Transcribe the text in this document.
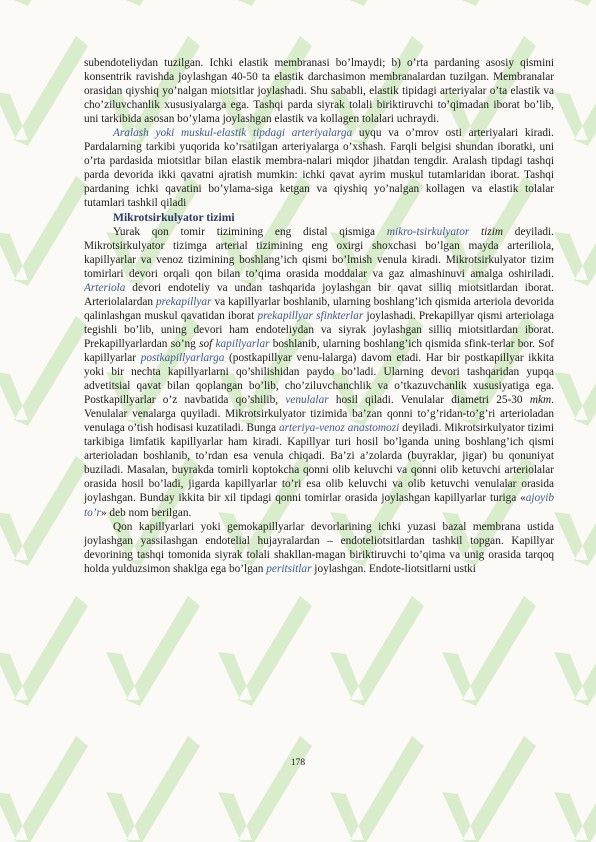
subendoteliydan tuzilgan. Ichki elastik membranasi bo’lmaydi; b) o’rta pardaning asosiy qismini konsentrik ravishda joylashgan 40-50 ta elastik darchasimon membranalardan tuzilgan. Membranalar orasidan qiyshiq yo’nalgan miotsitlar joylashadi. Shu sababli, elastik tipidagi arteriyalar o’ta elastik va cho’ziluvchanlik xususiyalarga ega. Tashqi parda siyrak tolali biriktiruvchi to’qimadan iborat bo’lib, uni tarkibida asosan bo’ylama joylashgan elastik va kollagen tolalari uchraydi.

Aralash yoki muskul-elastik tipdagi arteriyalarga uyqu va o’mrov osti arteriyalari kiradi. Pardalarning tarkibi yuqorida ko’rsatilgan arteriyalarga o’xshash. Farqli belgisi shundan iboratki, uni o’rta pardasida miotsitlar bilan elastik membra-nalari miqdor jihatdan tengdir. Aralash tipdagi tashqi parda devorida ikki qavatni ajratish mumkin: ichki qavat ayrim muskul tutamlaridan iborat. Tashqi pardaning ichki qavatini bo’ylama-siga ketgan va qiyshiq yo’nalgan kollagen va elastik tolalar tutamlari tashkil qiladi

Mikrotsirkulyator tizimi

Yurak qon tomir tizimining eng distal qismiga mikro-tsirkulyator tizim deyiladi. Mikrotsirkulyator tizimga arterial tizimining eng oxirgi shoxchasi bo’lgan mayda arteriliola, kapillyarlar va venoz tizimining boshlang’ich qismi bo’lmish venula kiradi. Mikrotsirkulyator tizim tomirlari devori orqali qon bilan to’qima orasida moddalar va gaz almashinuvi amalga oshiriladi. Arteriola devori endoteliy va undan tashqarida joylashgan bir qavat silliq miotsitlardan iborat. Arteriolalardan prekapillyar va kapillyarlar boshlanib, ularning boshlang’ich qismida arteriola devorida qalinlashgan muskul qavatidan iborat prekapillyar sfinkterlar joylashadi. Prekapillyar qismi arteriolaga tegishli bo’lib, uning devori ham endoteliydan va siyrak joylashgan silliq miotsitlardan iborat. Prekapillyarlardan so’ng sof kapillyarlar boshlanib, ularning boshlang’ich qismida sfink-terlar bor. Sof kapillyarlar postkapillyarlarga (postkapillyar venu-lalarga) davom etadi. Har bir postkapillyar ikkita yoki bir nechta kapillyarlarni qo’shilishidan paydo bo’ladi. Ularning devori tashqaridan yupqa advetitsial qavat bilan qoplangan bo’lib, cho’ziluvchanchlik va o’tkazuvchanlik xususiyatiga ega. Postkapillyarlar o’z navbatida qo’shilib, venulalar hosil qiladi. Venulalar diametri 25-30 mkm. Venulalar venalarga quyiladi. Mikrotsirkulyator tizimida ba’zan qonni to’g’ridan-to’g’ri arterioladan venulaga o’tish hodisasi kuzatiladi. Bunga arteriya-venoz anastomozi deyiladi. Mikrotsirkulyator tizimi tarkibiga limfatik kapillyarlar ham kiradi. Kapillyar turi hosil bo’lganda uning boshlang’ich qismi arterioladan boshlanib, to’rdan esa venula chiqadi. Ba’zi a’zolarda (buyraklar, jigar) bu qonuniyat buziladi. Masalan, buyrakda tomirli koptokcha qonni olib keluvchi va qonni olib ketuvchi arteriolalar orasida hosil bo’ladi, jigarda kapillyarlar to’ri esa olib keluvchi va olib ketuvchi venulalar orasida joylashgan. Bunday ikkita bir xil tipdagi qonni tomirlar orasida joylashgan kapillyarlar turiga «ajoyib to’r» deb nom berilgan.

Qon kapillyarlari yoki gemokapillyarlar devorlarining ichki yuzasi bazal membrana ustida joylashgan yassilashgan endotelial hujayralardan – endoteliotsitlardan tashkil topgan. Kapillyar devorining tashqi tomonida siyrak tolali shakllan-magan biriktiruvchi to’qima va unig orasida tarqoq holda yulduzsimon shaklga ega bo’lgan peritsitlar joylashgan. Endote-liotsitlarni ustki

178
